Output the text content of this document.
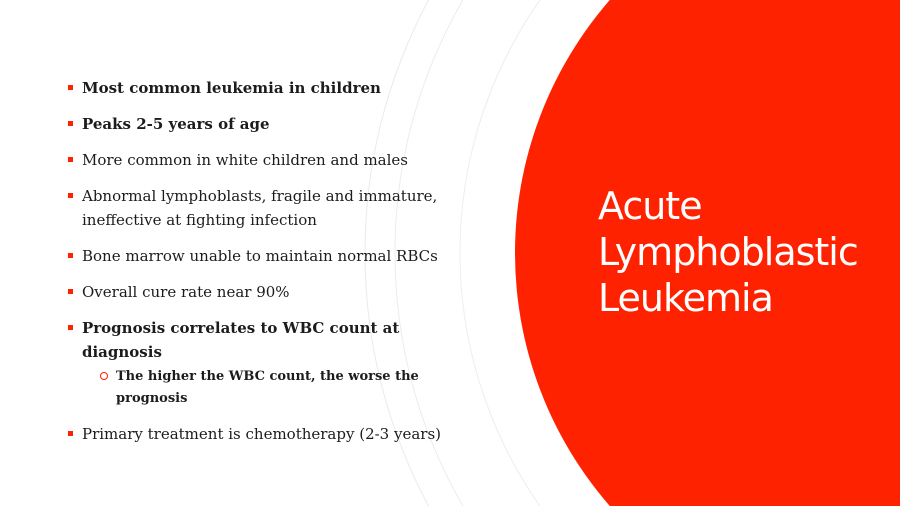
Most common leukemia in children
Peaks 2-5 years of age
More common in white children and males
Abnormal lymphoblasts, fragile and immature, ineffective at fighting infection
Bone marrow unable to maintain normal RBCs
Overall cure rate near 90%
Prognosis correlates to WBC count at diagnosis
The higher the WBC count, the worse the prognosis
Primary treatment is chemotherapy (2-3 years)
Acute
Lymphoblastic
Leukemia
